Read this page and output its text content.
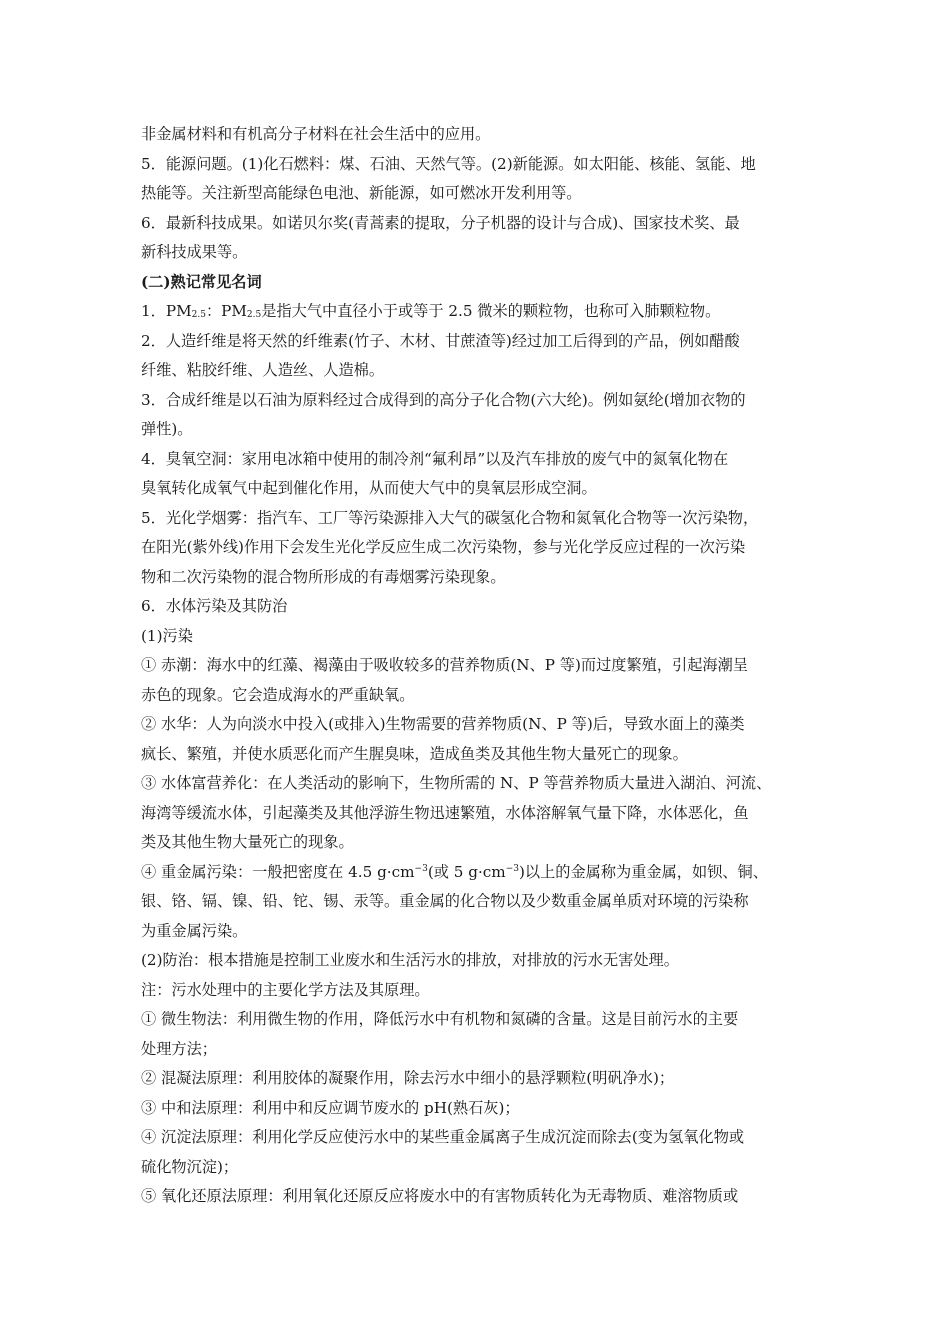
非金属材料和有机高分子材料在社会生活中的应用。
5．能源问题。(1)化石燃料：煤、石油、天然气等。(2)新能源。如太阳能、核能、氢能、地
热能等。关注新型高能绿色电池、新能源，如可燃冰开发利用等。
6．最新科技成果。如诺贝尔奖(青蒿素的提取，分子机器的设计与合成)、国家技术奖、最
新科技成果等。
(二)熟记常见名词
1．$PM_{2.5}$：$PM_{2.5}$是指大气中直径小于或等于 2.5 微米的颗粒物，也称可入肺颗粒物。
2．人造纤维是将天然的纤维素(竹子、木材、甘蔗渣等)经过加工后得到的产品，例如醋酸
纤维、粘胶纤维、人造丝、人造棉。
3．合成纤维是以石油为原料经过合成得到的高分子化合物(六大纶)。例如氨纶(增加衣物的
弹性)。
4．臭氧空洞：家用电冰箱中使用的制冷剂“氟利昂”以及汽车排放的废气中的氮氧化物在
臭氧转化成氧气中起到催化作用，从而使大气中的臭氧层形成空洞。
5．光化学烟雾：指汽车、工厂等污染源排入大气的碳氢化合物和氮氧化合物等一次污染物，
在阳光(紫外线)作用下会发生光化学反应生成二次污染物，参与光化学反应过程的一次污染
物和二次污染物的混合物所形成的有毒烟雾污染现象。
6．水体污染及其防治
(1)污染
① 赤潮：海水中的红藻、褐藻由于吸收较多的营养物质(N、P 等)而过度繁殖，引起海潮呈
赤色的现象。它会造成海水的严重缺氧。
② 水华：人为向淡水中投入(或排入)生物需要的营养物质(N、P 等)后，导致水面上的藻类
疯长、繁殖，并使水质恶化而产生腥臭味，造成鱼类及其他生物大量死亡的现象。
③ 水体富营养化：在人类活动的影响下，生物所需的 N、P 等营养物质大量进入湖泊、河流、
海湾等缓流水体，引起藻类及其他浮游生物迅速繁殖，水体溶解氧气量下降，水体恶化，鱼
类及其他生物大量死亡的现象。
④ 重金属污染：一般把密度在 4.5 $g\cdot cm^{-3}$(或 5 $g\cdot cm^{-3}$)以上的金属称为重金属，如钡、铜、
银、铬、镉、镍、铅、铊、锡、汞等。重金属的化合物以及少数重金属单质对环境的污染称
为重金属污染。
(2)防治：根本措施是控制工业废水和生活污水的排放，对排放的污水无害处理。
注：污水处理中的主要化学方法及其原理。
① 微生物法：利用微生物的作用，降低污水中有机物和氮磷的含量。这是目前污水的主要
处理方法；
② 混凝法原理：利用胶体的凝聚作用，除去污水中细小的悬浮颗粒(明矾净水)；
③ 中和法原理：利用中和反应调节废水的 pH(熟石灰)；
④ 沉淀法原理：利用化学反应使污水中的某些重金属离子生成沉淀而除去(变为氢氧化物或
硫化物沉淀)；
⑤ 氧化还原法原理：利用氧化还原反应将废水中的有害物质转化为无毒物质、难溶物质或
